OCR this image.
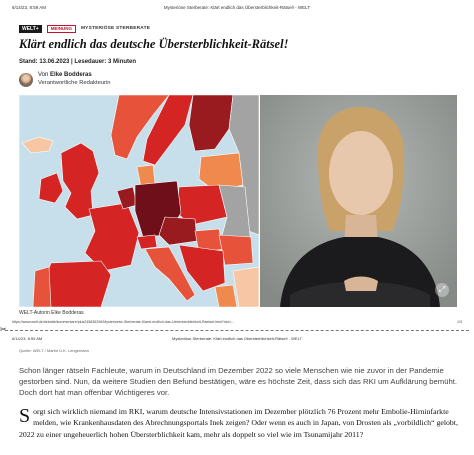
6/14/23, 8:59 AM	Mysteriöse Sterberate: Klärt endlich das Übersterblichkeit-Rätsel! - WELT
WELT+	MEINUNG	MYSTERIÖSE STERBERATE
Klärt endlich das deutsche Übersterblichkeit-Rätsel!
Stand: 13.06.2023 | Lesedauer: 3 Minuten
Von Elke Bodderas
Verantwortliche Redakteurin
⤢
WELT-Autorin Elke Bodderas
https://www.welt.de/debatte/kommentare/plus245836296/Mysterioese-Sterberate-Klaert-endlich-das-Uebersterblichkeit-Raetsel.html?icid=...	1/3
✂
6/14/23, 8:59 AM	Mysteriöse Sterberate: Klärt endlich das Übersterblichkeit-Rätsel! - WELT
Quelle: WELT / Martin U.K. Lengemann

Schon länger rätseln Fachleute, warum in Deutschland im Dezember 2022 so viele Menschen wie nie zuvor in der Pandemie gestorben sind. Nun, da weitere Studien den Befund bestätigen, wäre es höchste Zeit, dass sich das RKI um Aufklärung bemüht. Doch dort hat man offenbar Wichtigeres vor.

Sorgt sich wirklich niemand im RKI, warum deutsche Intensivstationen im Dezember plötzlich 76 Prozent mehr Embolie-Hirninfarkte melden, wie Krankenhausdaten des Abrechnungsportals Inek zeigen? Oder wenn es auch in Japan, von Drosten als „vorbildlich“ gelobt, 2022 zu einer ungeheuerlich hohen Übersterblichkeit kam, mehr als doppelt so viel wie im Tsunamijahr 2011?
